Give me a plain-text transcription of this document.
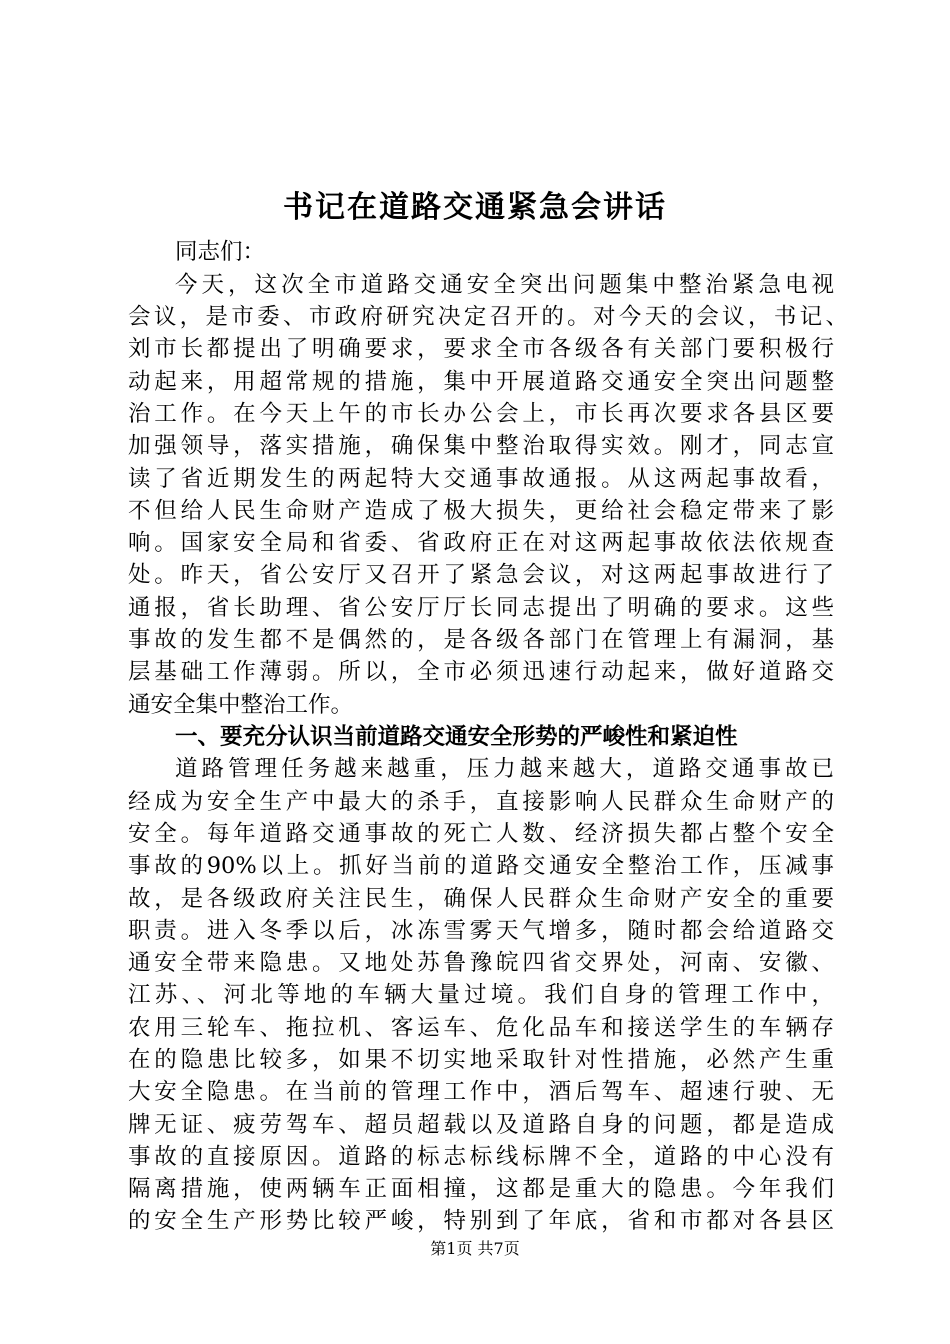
书记在道路交通紧急会讲话
同志们：
今天，这次全市道路交通安全突出问题集中整治紧急电视
会议，是市委、市政府研究决定召开的。对今天的会议，书记、
刘市长都提出了明确要求，要求全市各级各有关部门要积极行
动起来，用超常规的措施，集中开展道路交通安全突出问题整
治工作。在今天上午的市长办公会上，市长再次要求各县区要
加强领导，落实措施，确保集中整治取得实效。刚才，同志宣
读了省近期发生的两起特大交通事故通报。从这两起事故看，
不但给人民生命财产造成了极大损失，更给社会稳定带来了影
响。国家安全局和省委、省政府正在对这两起事故依法依规查
处。昨天，省公安厅又召开了紧急会议，对这两起事故进行了
通报，省长助理、省公安厅厅长同志提出了明确的要求。这些
事故的发生都不是偶然的，是各级各部门在管理上有漏洞，基
层基础工作薄弱。所以，全市必须迅速行动起来，做好道路交
通安全集中整治工作。
一、要充分认识当前道路交通安全形势的严峻性和紧迫性
道路管理任务越来越重，压力越来越大，道路交通事故已
经成为安全生产中最大的杀手，直接影响人民群众生命财产的
安全。每年道路交通事故的死亡人数、经济损失都占整个安全
事故的90%以上。抓好当前的道路交通安全整治工作，压减事
故，是各级政府关注民生，确保人民群众生命财产安全的重要
职责。进入冬季以后，冰冻雪雾天气增多，随时都会给道路交
通安全带来隐患。又地处苏鲁豫皖四省交界处，河南、安徽、
江苏、、河北等地的车辆大量过境。我们自身的管理工作中，
农用三轮车、拖拉机、客运车、危化品车和接送学生的车辆存
在的隐患比较多，如果不切实地采取针对性措施，必然产生重
大安全隐患。在当前的管理工作中，酒后驾车、超速行驶、无
牌无证、疲劳驾车、超员超载以及道路自身的问题，都是造成
事故的直接原因。道路的标志标线标牌不全，道路的中心没有
隔离措施，使两辆车正面相撞，这都是重大的隐患。今年我们
的安全生产形势比较严峻，特别到了年底，省和市都对各县区
第1页 共7页
